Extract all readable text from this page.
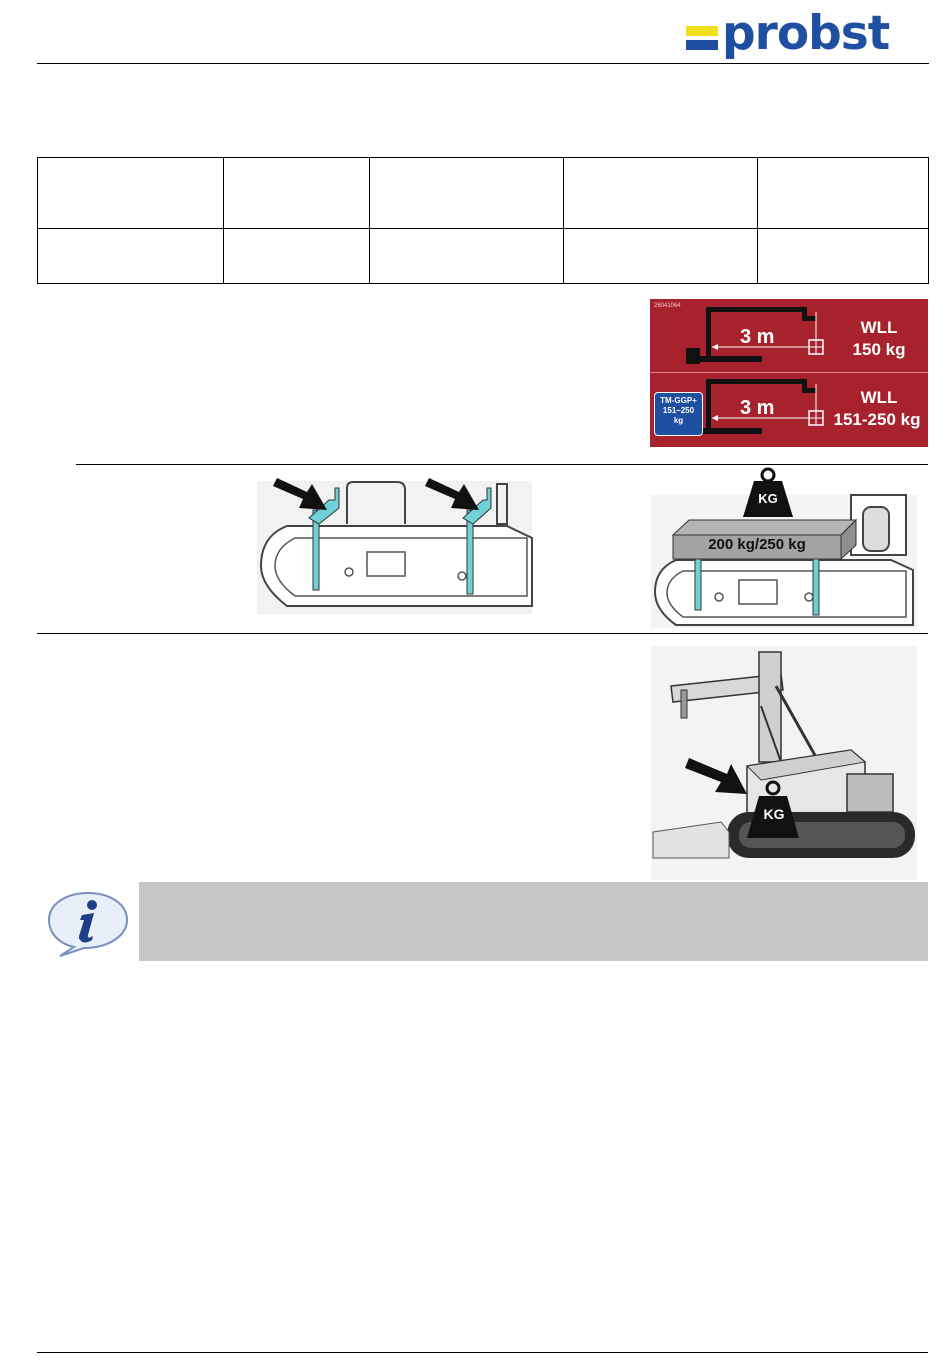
probst

26041064
3 m	WLL
150 kg
TM-GGP+
151–250
kg
3 m	WLL
151-250 kg
KG
200 kg/250 kg
KG
